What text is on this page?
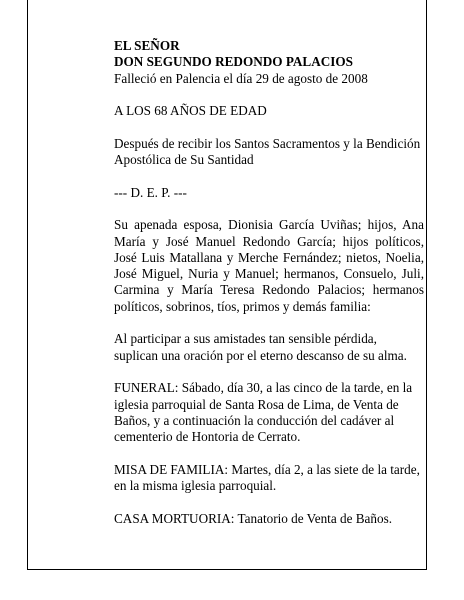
EL SEÑOR
DON SEGUNDO REDONDO PALACIOS
Falleció en Palencia el día 29 de agosto de 2008

A LOS 68 AÑOS DE EDAD

Después de recibir los Santos Sacramentos y la Bendición Apostólica de Su Santidad

--- D. E. P. ---

Su apenada esposa, Dionisia García Uviñas; hijos, Ana María y José Manuel Redondo García; hijos políticos, José Luis Matallana y Merche Fernández; nietos, Noelia, José Miguel, Nuria y Manuel; hermanos, Consuelo, Juli, Carmina y María Teresa Redondo Palacios; hermanos políticos, sobrinos, tíos, primos y demás familia:

Al participar a sus amistades tan sensible pérdida, suplican una oración por el eterno descanso de su alma.

FUNERAL: Sábado, día 30, a las cinco de la tarde, en la iglesia parroquial de Santa Rosa de Lima, de Venta de Baños, y a continuación la conducción del cadáver al cementerio de Hontoria de Cerrato.

MISA DE FAMILIA: Martes, día 2, a las siete de la tarde, en la misma iglesia parroquial.

CASA MORTUORIA: Tanatorio de Venta de Baños.
